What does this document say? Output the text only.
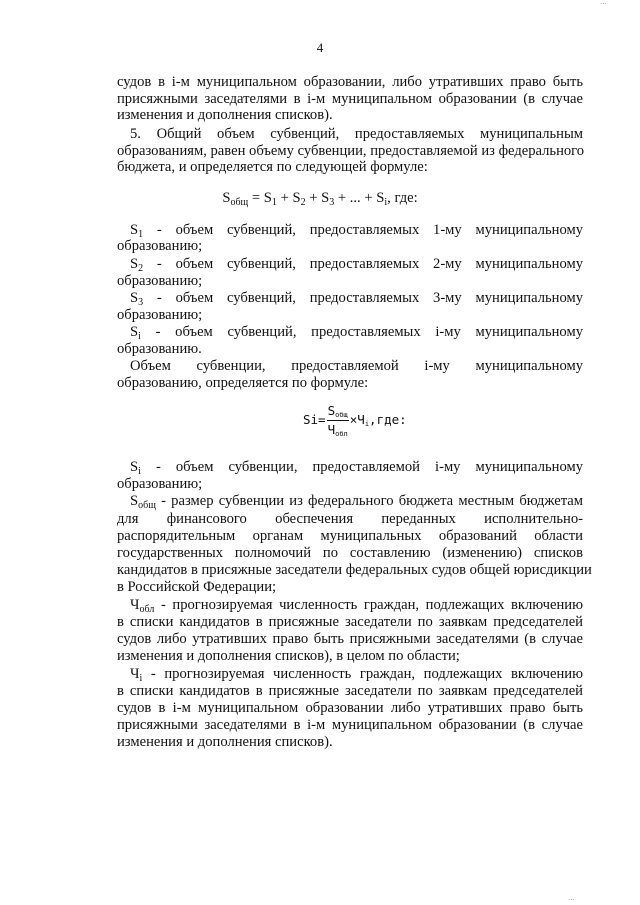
4
судов в i-м муниципальном образовании, либо утративших право быть
присяжными заседателями в i-м муниципальном образовании (в случае
изменения и дополнения списков).
5. Общий объем субвенций, предоставляемых муниципальным
образованиям, равен объему субвенции, предоставляемой из федерального
бюджета, и определяется по следующей формуле:
$S_1$ - объем субвенций, предоставляемых 1-му муниципальному
образованию;
$S_2$ - объем субвенций, предоставляемых 2-му муниципальному
образованию;
$S_3$ - объем субвенций, предоставляемых 3-му муниципальному
образованию;
$S_i$ - объем субвенций, предоставляемых i-му муниципальному
образованию.
Объем субвенции, предоставляемой i-му муниципальному
образованию, определяется по формуле:
$S_i$ - объем субвенции, предоставляемой i-му муниципальному
образованию;
$S_{общ}$ - размер субвенции из федерального бюджета местным бюджетам
для финансового обеспечения переданных исполнительно-
распорядительным органам муниципальных образований области
государственных полномочий по составлению (изменению) списков
кандидатов в присяжные заседатели федеральных судов общей юрисдикции
в Российской Федерации;
$Ч_{обл}$ - прогнозируемая численность граждан, подлежащих включению
в списки кандидатов в присяжные заседатели по заявкам председателей
судов либо утративших право быть присяжными заседателями (в случае
изменения и дополнения списков), в целом по области;
$Ч_i$ - прогнозируемая численность граждан, подлежащих включению
в списки кандидатов в присяжные заседатели по заявкам председателей
судов в i-м муниципальном образовании либо утративших право быть
присяжными заседателями в i-м муниципальном образовании (в случае
изменения и дополнения списков).
$S_{общ} = S_1 + S_2 + S_3$ + ... + $S_i$, где:
$Si= \frac{\text{Sобщ}}{\text{Чобл}} \times Чi,где$:
⋯
⋯
